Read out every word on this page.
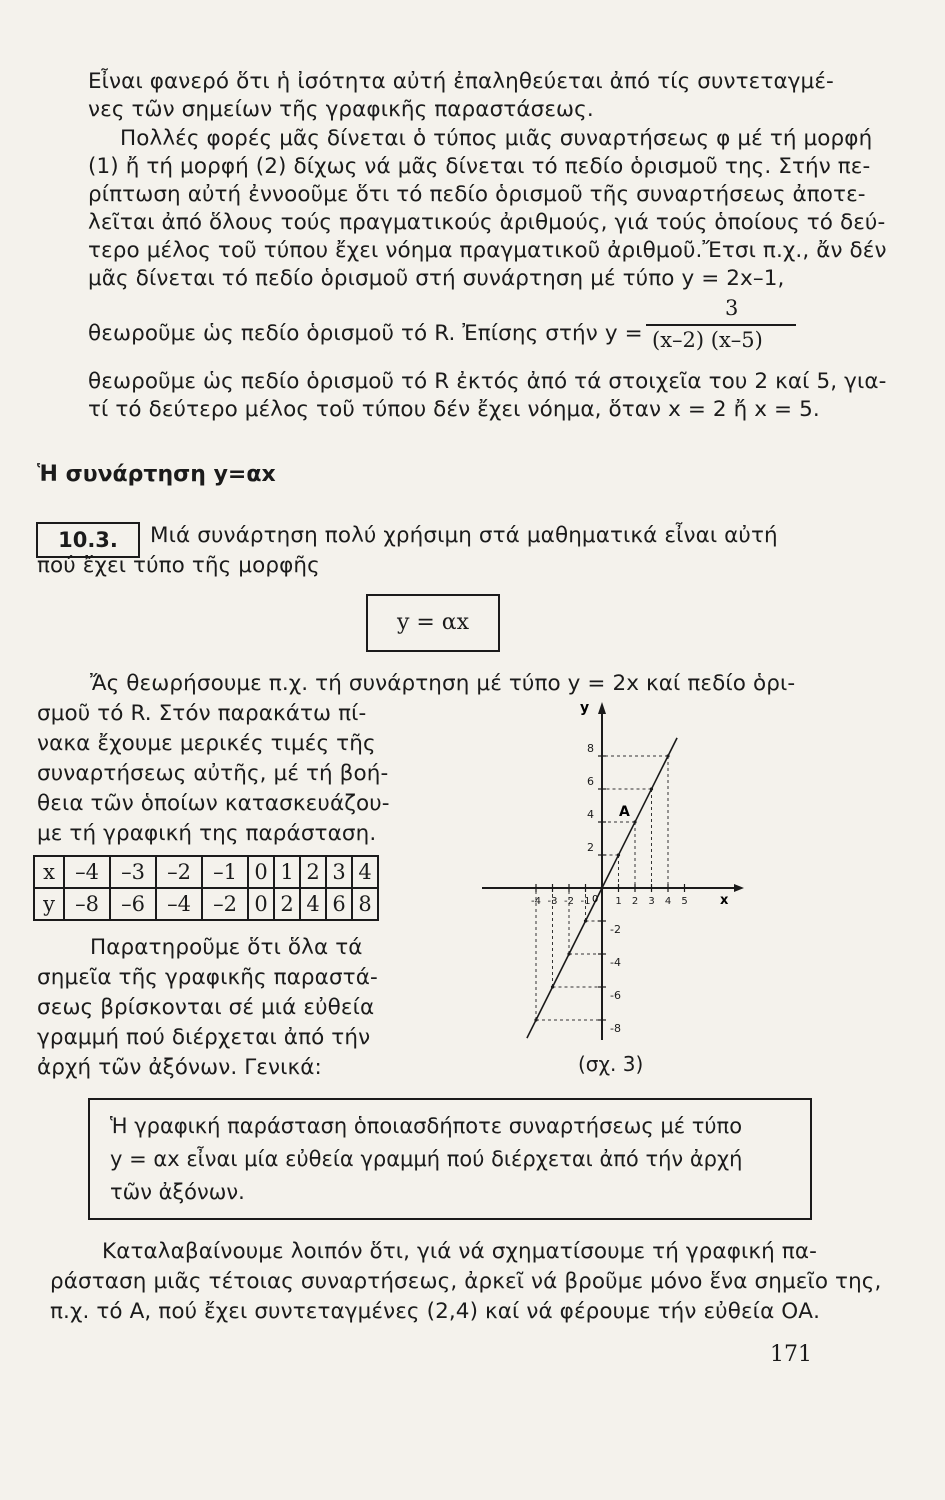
Εἶναι φανερό ὅτι ἡ ἰσότητα αὐτή ἐπαληθεύεται ἀπό τίς συντεταγμέ-
νες τῶν σημείων τῆς γραφικῆς παραστάσεως.
Πολλές φορές μᾶς δίνεται ὁ τύπος μιᾶς συναρτήσεως φ μέ τή μορφή
(1) ἤ τή μορφή (2) δίχως νά μᾶς δίνεται τό πεδίο ὁρισμοῦ της. Στήν πε-
ρίπτωση αὐτή ἐννοοῦμε ὅτι τό πεδίο ὁρισμοῦ τῆς συναρτήσεως ἀποτε-
λεῖται ἀπό ὅλους τούς πραγματικούς ἀριθμούς, γιά τούς ὁποίους τό δεύ-
τερο μέλος τοῦ τύπου ἔχει νόημα πραγματικοῦ ἀριθμοῦ.Ἔτσι π.χ., ἄν δέν
μᾶς δίνεται τό πεδίο ὁρισμοῦ στή συνάρτηση μέ τύπο y = 2x–1,
θεωροῦμε ὡς πεδίο ὁρισμοῦ τό R. Ἐπίσης στήν y =
3
(x–2) (x–5)
θεωροῦμε ὡς πεδίο ὁρισμοῦ τό R ἐκτός ἀπό τά στοιχεῖα του 2 καί 5, για-
τί τό δεύτερο μέλος τοῦ τύπου δέν ἔχει νόημα, ὅταν x = 2 ἤ x = 5.
Ἡ συνάρτηση y=αx
10.3.	Μιά συνάρτηση πολύ χρήσιμη στά μαθηματικά εἶναι αὐτή
πού ἔχει τύπο τῆς μορφῆς
y = αx
Ἄς θεωρήσουμε π.χ. τή συνάρτηση μέ τύπο y = 2x καί πεδίο ὁρι-
σμοῦ τό R. Στόν παρακάτω πί-
νακα ἔχουμε μερικές τιμές τῆς
συναρτήσεως αὐτῆς, μέ τή βοή-
θεια τῶν ὁποίων κατασκευάζου-
με τή γραφική της παράσταση.
x	–4	–3	–2	–1	0	1	2	3	4
y	–8	–6	–4	–2	0	2	4	6	8
Παρατηροῦμε ὅτι ὅλα τά
σημεῖα τῆς γραφικῆς παραστά-
σεως βρίσκονται σέ μιά εὐθεία
γραμμή πού διέρχεται ἀπό τήν
ἀρχή τῶν ἀξόνων. Γενικά:
-4 -3 -2 -1 1 2 3 4 5
-8
-6
-4
-2
2
4
6
8
x
y
0
A
(σχ. 3)
Ἡ γραφική παράσταση ὁποιασδήποτε συναρτήσεως μέ τύπο
y = αx εἶναι μία εὐθεία γραμμή πού διέρχεται ἀπό τήν ἀρχή
τῶν ἀξόνων.
Καταλαβαίνουμε λοιπόν ὅτι, γιά νά σχηματίσουμε τή γραφική πα-
ράσταση μιᾶς τέτοιας συναρτήσεως, ἀρκεῖ νά βροῦμε μόνο ἕνα σημεῖο της,
π.χ. τό Α, πού ἔχει συντεταγμένες (2,4) καί νά φέρουμε τήν εὐθεία ΟΑ.
171
